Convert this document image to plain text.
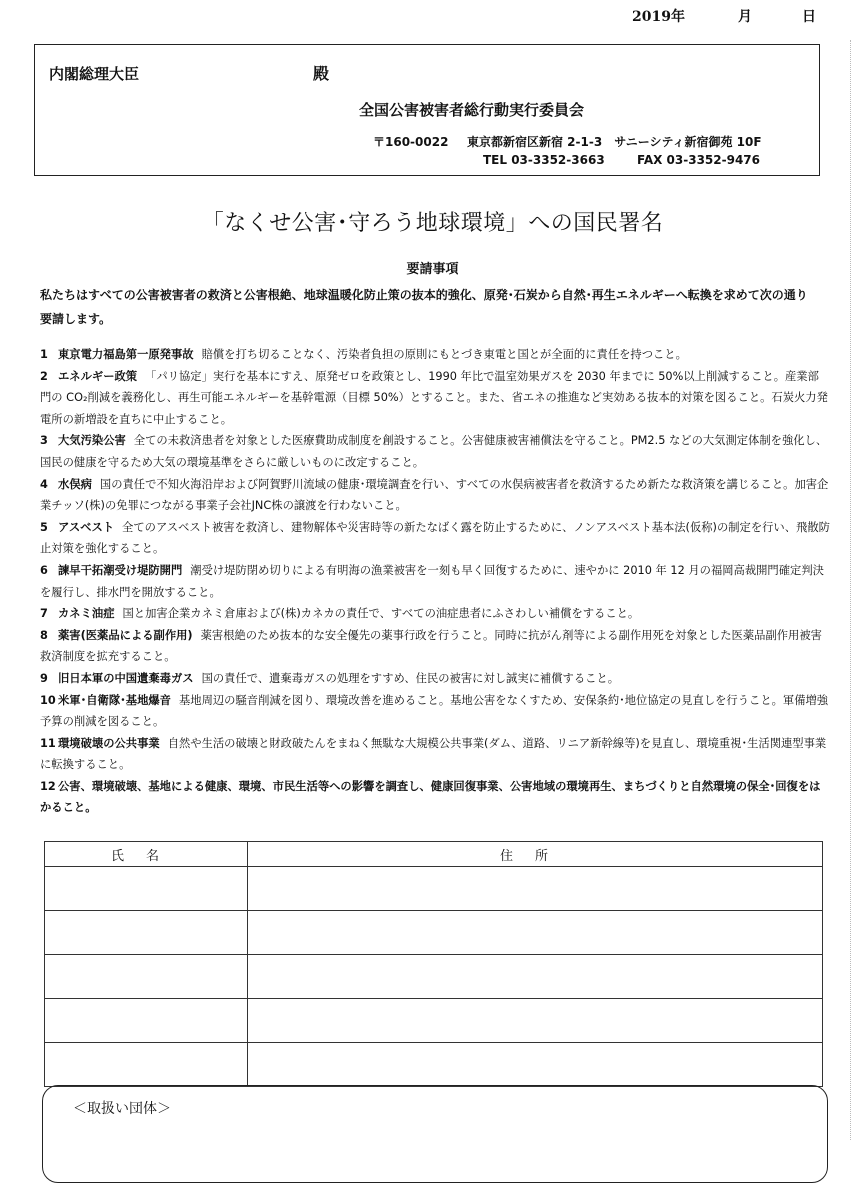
2019年	月	日
内閣総理大臣	殿
全国公害被害者総行動実行委員会
〒160-0022 東京都新宿区新宿 2-1-3　サニーシティ新宿御苑 10F
TEL 03-3352-3663	FAX 03-3352-9476
「なくせ公害･守ろう地球環境」への国民署名
要請事項
私たちはすべての公害被害者の救済と公害根絶、地球温暖化防止策の抜本的強化、原発･石炭から自然･再生エネルギーへ転換を求めて次の通り要請します。
1 東京電力福島第一原発事故 賠償を打ち切ることなく、汚染者負担の原則にもとづき東電と国とが全面的に責任を持つこと。
2 エネルギー政策 「パリ協定」実行を基本にすえ、原発ゼロを政策とし、1990 年比で温室効果ガスを 2030 年までに 50%以上削減すること。産業部門の CO₂削減を義務化し、再生可能エネルギーを基幹電源（目標 50%）とすること。また、省エネの推進など実効ある抜本的対策を図ること。石炭火力発電所の新増設を直ちに中止すること。
3 大気汚染公害 全ての未救済患者を対象とした医療費助成制度を創設すること。公害健康被害補償法を守ること。PM2.5 などの大気測定体制を強化し、国民の健康を守るため大気の環境基準をさらに厳しいものに改定すること。
4 水俣病 国の責任で不知火海沿岸および阿賀野川流域の健康･環境調査を行い、すべての水俣病被害者を救済するため新たな救済策を講じること。加害企業チッソ(株)の免罪につながる事業子会社JNC株の譲渡を行わないこと。
5 アスベスト 全てのアスベスト被害を救済し、建物解体や災害時等の新たなばく露を防止するために、ノンアスベスト基本法(仮称)の制定を行い、飛散防止対策を強化すること。
6 諫早干拓潮受け堤防開門 潮受け堤防閉め切りによる有明海の漁業被害を一刻も早く回復するために、速やかに 2010 年 12 月の福岡高裁開門確定判決を履行し、排水門を開放すること。
7 カネミ油症 国と加害企業カネミ倉庫および(株)カネカの責任で、すべての油症患者にふさわしい補償をすること。
8 薬害(医薬品による副作用) 薬害根絶のため抜本的な安全優先の薬事行政を行うこと。同時に抗がん剤等による副作用死を対象とした医薬品副作用被害救済制度を拡充すること。
9 旧日本軍の中国遺棄毒ガス 国の責任で、遺棄毒ガスの処理をすすめ、住民の被害に対し誠実に補償すること。
10 米軍･自衛隊･基地爆音 基地周辺の騒音削減を図り、環境改善を進めること。基地公害をなくすため、安保条約･地位協定の見直しを行うこと。軍備増強予算の削減を図ること。
11 環境破壊の公共事業 自然や生活の破壊と財政破たんをまねく無駄な大規模公共事業(ダム、道路、リニア新幹線等)を見直し、環境重視･生活関連型事業に転換すること。
12 公害、環境破壊、基地による健康、環境、市民生活等への影響を調査し、健康回復事業、公害地域の環境再生、まちづくりと自然環境の保全･回復をはかること。
氏名	住所

＜取扱い団体＞
